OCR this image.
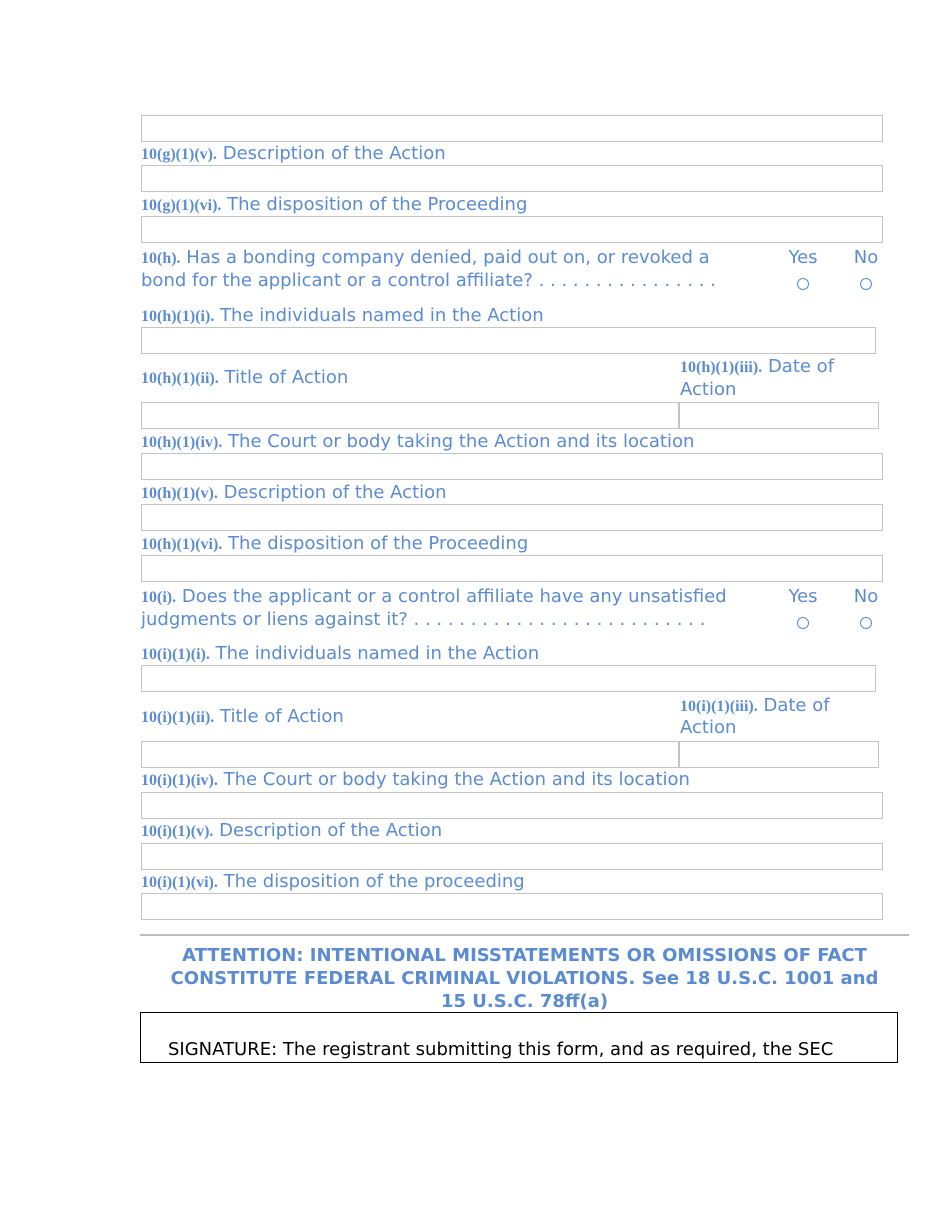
10(g)(1)(v). Description of the Action
10(g)(1)(vi). The disposition of the Proceeding
10(h). Has a bonding company denied, paid out on, or revoked a
bond for the applicant or a control affiliate? . . . . . . . . . . . . . . . .
Yes	No
10(h)(1)(i). The individuals named in the Action
10(h)(1)(ii). Title of Action	10(h)(1)(iii). Date of
Action
10(h)(1)(iv). The Court or body taking the Action and its location
10(h)(1)(v). Description of the Action
10(h)(1)(vi). The disposition of the Proceeding
10(i). Does the applicant or a control affiliate have any unsatisfied
judgments or liens against it? . . . . . . . . . . . . . . . . . . . . . . . . . .
Yes	No
10(i)(1)(i). The individuals named in the Action
10(i)(1)(ii). Title of Action	10(i)(1)(iii). Date of
Action
10(i)(1)(iv). The Court or body taking the Action and its location
10(i)(1)(v). Description of the Action
10(i)(1)(vi). The disposition of the proceeding
ATTENTION: INTENTIONAL MISSTATEMENTS OR OMISSIONS OF FACT
CONSTITUTE FEDERAL CRIMINAL VIOLATIONS. See 18 U.S.C. 1001 and
15 U.S.C. 78ff(a)
SIGNATURE: The registrant submitting this form, and as required, the SEC
